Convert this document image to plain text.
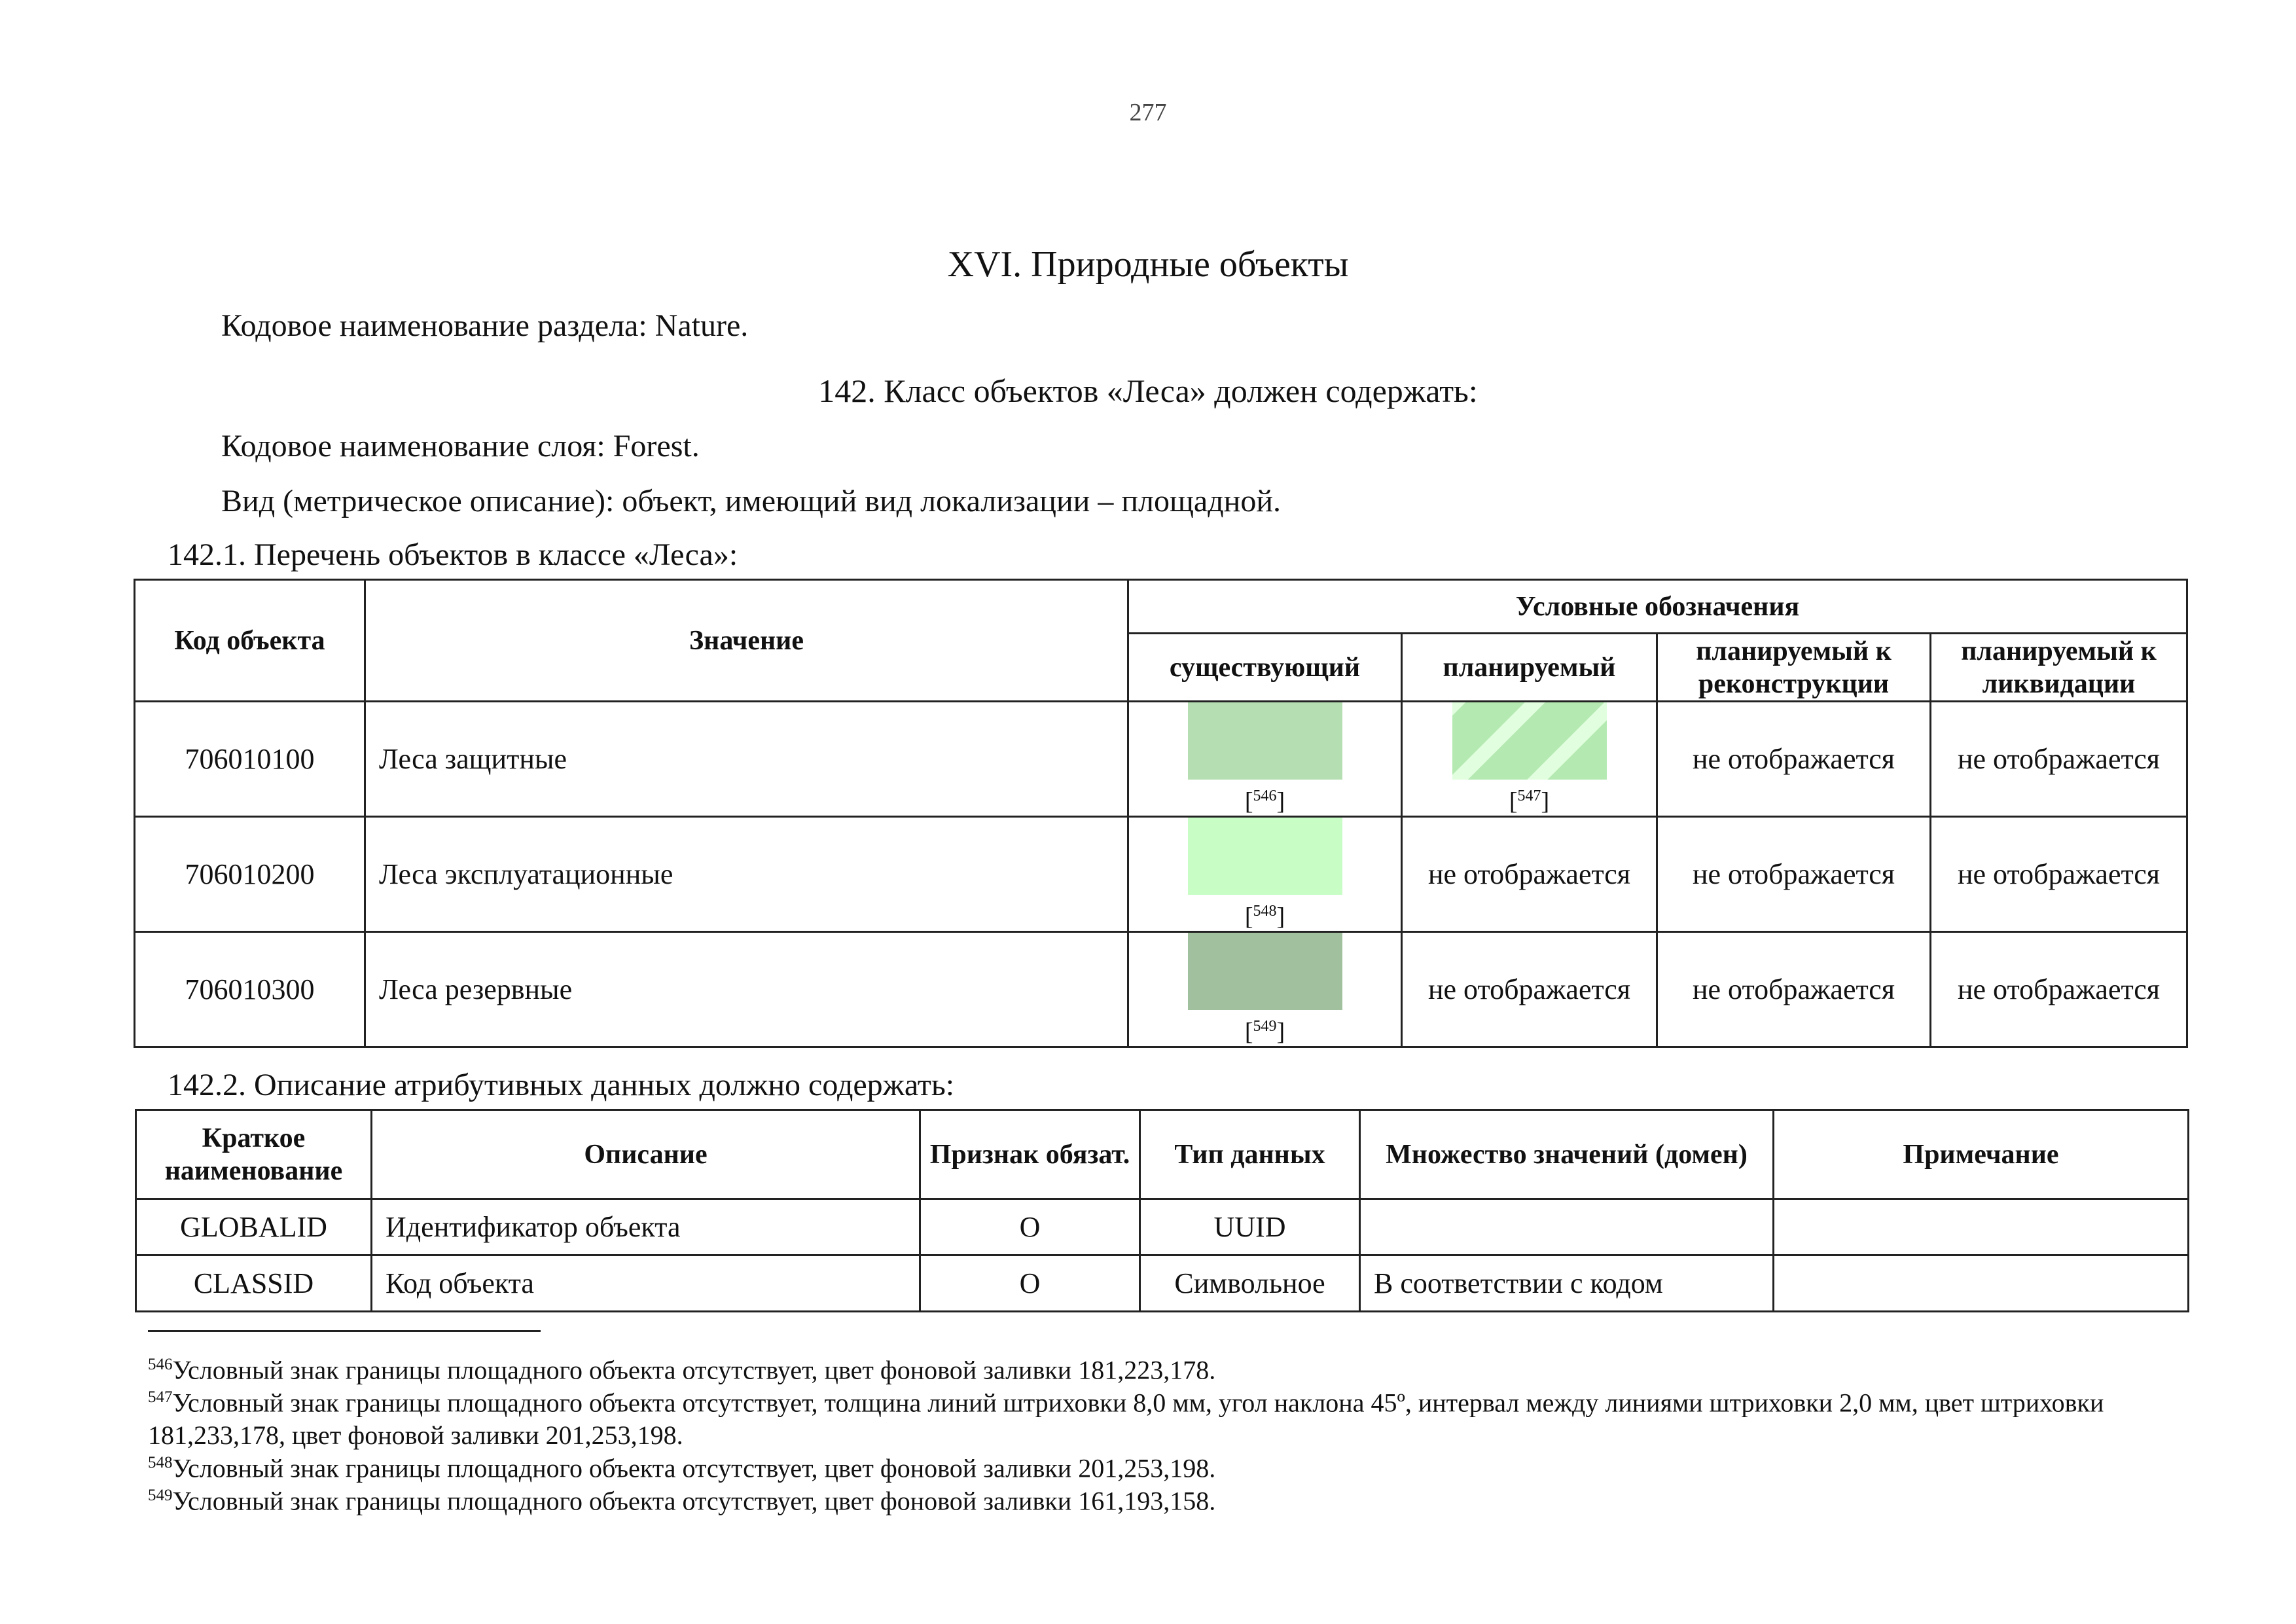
277
XVI. Природные объекты
Кодовое наименование раздела: Nature.
142. Класс объектов «Леса» должен содержать:
Кодовое наименование слоя: Forest.
Вид (метрическое описание): объект, имеющий вид локализации – площадной.
142.1. Перечень объектов в классе «Леса»:
Код объекта	Значение	Условные обозначения			
		существующий	планируемый	планируемый к реконструкции	планируемый к ликвидации
706010100	Леса защитные	[$^{546}$]	[$^{547}$]	не отображается	не отображается
706010200	Леса эксплуатационные	[$^{548}$]	не отображается	не отображается	не отображается
706010300	Леса резервные	[$^{549}$]	не отображается	не отображается	не отображается
142.2. Описание атрибутивных данных должно содержать:
Краткое наименование	Описание	Признак обязат.	Тип данных	Множество значений (домен)	Примечание
GLOBALID	Идентификатор объекта	O	UUID		
CLASSID	Код объекта	O	Символьное	В соответствии с кодом	
$^{546}$Условный знак границы площадного объекта отсутствует, цвет фоновой заливки 181,223,178.
$^{547}$Условный знак границы площадного объекта отсутствует, толщина линий штриховки 8,0 мм, угол наклона 45º, интервал между линиями штриховки 2,0 мм, цвет штриховки 181,233,178, цвет фоновой заливки 201,253,198.
$^{548}$Условный знак границы площадного объекта отсутствует, цвет фоновой заливки 201,253,198.
$^{549}$Условный знак границы площадного объекта отсутствует, цвет фоновой заливки 161,193,158.
